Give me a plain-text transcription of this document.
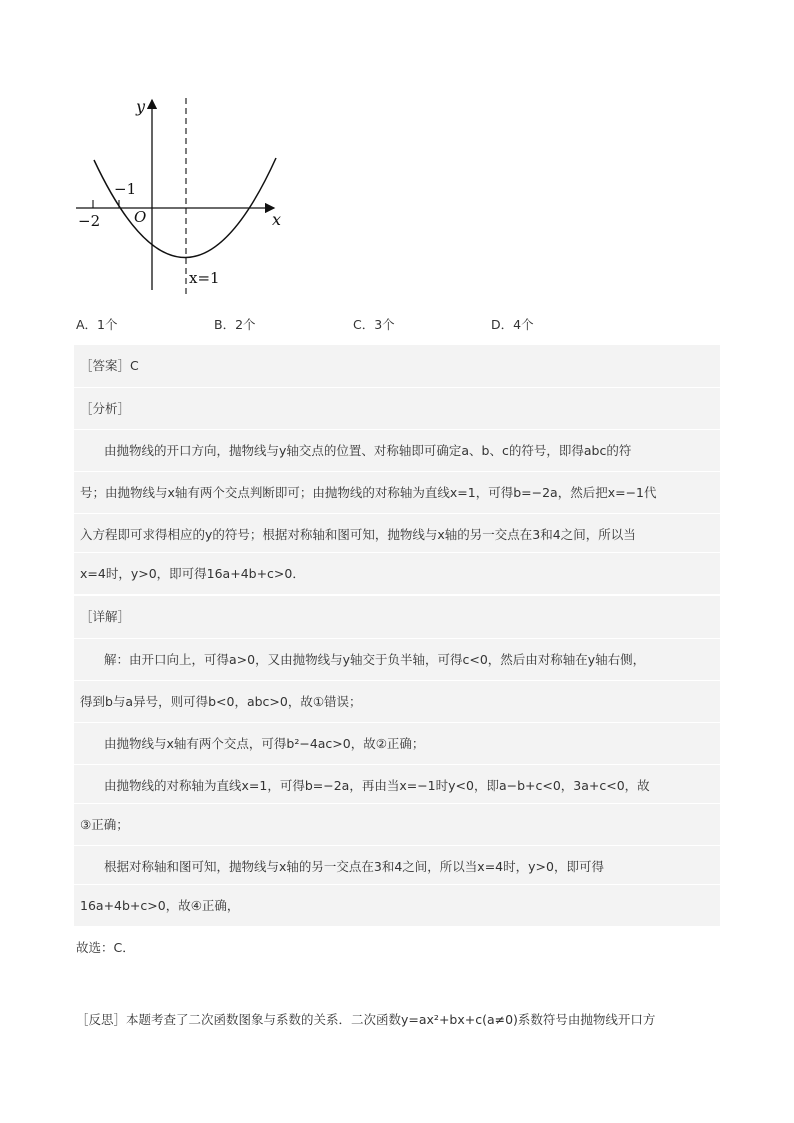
y
x
O
−1
−2
x=1
A．1个	B．2个	C．3个	D．4个
［答案］C
［分析］
由抛物线的开口方向，抛物线与y轴交点的位置、对称轴即可确定a、b、c的符号，即得abc的符
号；由抛物线与x轴有两个交点判断即可；由抛物线的对称轴为直线x=1，可得b=−2a，然后把x=−1代
入方程即可求得相应的y的符号；根据对称轴和图可知，抛物线与x轴的另一交点在3和4之间，所以当
x=4时，y>0，即可得16a+4b+c>0．
［详解］
解：由开口向上，可得a>0，又由抛物线与y轴交于负半轴，可得c<0，然后由对称轴在y轴右侧，
得到b与a异号，则可得b<0，abc>0，故①错误；
由抛物线与x轴有两个交点，可得b²−4ac>0，故②正确；
由抛物线的对称轴为直线x=1，可得b=−2a，再由当x=−1时y<0，即a−b+c<0，3a+c<0，故
③正确；
根据对称轴和图可知，抛物线与x轴的另一交点在3和4之间，所以当x=4时，y>0，即可得
16a+4b+c>0，故④正确，
故选：C．
［反思］本题考查了二次函数图象与系数的关系．二次函数y=ax²+bx+c(a≠0)系数符号由抛物线开口方
